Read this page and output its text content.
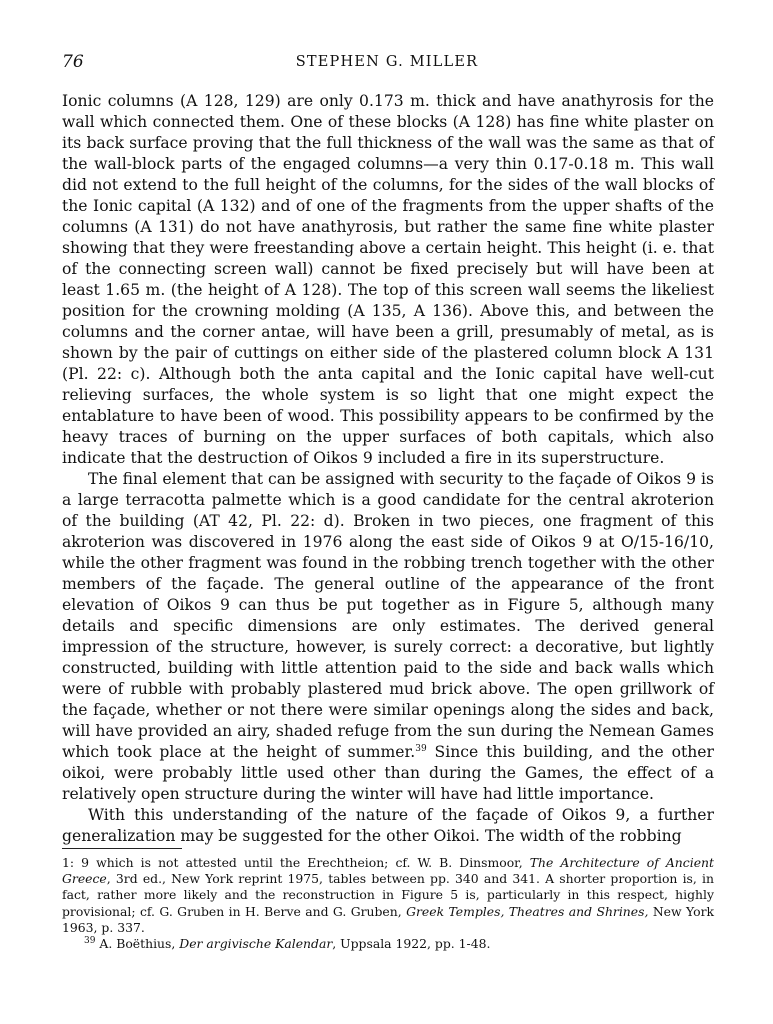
76	STEPHEN G. MILLER

Ionic columns (A 128, 129) are only 0.173 m. thick and have anathyrosis for the wall which connected them. One of these blocks (A 128) has fine white plaster on its back surface proving that the full thickness of the wall was the same as that of the wall-block parts of the engaged columns—a very thin 0.17-0.18 m. This wall did not extend to the full height of the columns, for the sides of the wall blocks of the Ionic capital (A 132) and of one of the fragments from the upper shafts of the columns (A 131) do not have anathyrosis, but rather the same fine white plaster showing that they were freestanding above a certain height. This height (i. e. that of the connecting screen wall) cannot be fixed precisely but will have been at least 1.65 m. (the height of A 128). The top of this screen wall seems the likeliest position for the crowning molding (A 135, A 136). Above this, and between the columns and the corner antae, will have been a grill, presumably of metal, as is shown by the pair of cuttings on either side of the plastered column block A 131 (Pl. 22: c). Although both the anta capital and the Ionic capital have well-cut relieving surfaces, the whole system is so light that one might expect the entablature to have been of wood. This possibility appears to be confirmed by the heavy traces of burning on the upper surfaces of both capitals, which also indicate that the destruction of Oikos 9 included a fire in its superstructure.

The final element that can be assigned with security to the façade of Oikos 9 is a large terracotta palmette which is a good candidate for the central akroterion of the building (AT 42, Pl. 22: d). Broken in two pieces, one fragment of this akroterion was discovered in 1976 along the east side of Oikos 9 at O/15-16/10, while the other fragment was found in the robbing trench together with the other members of the façade. The general outline of the appearance of the front elevation of Oikos 9 can thus be put together as in Figure 5, although many details and specific dimensions are only estimates. The derived general impression of the structure, however, is surely correct: a decorative, but lightly constructed, building with little attention paid to the side and back walls which were of rubble with probably plastered mud brick above. The open grillwork of the façade, whether or not there were similar openings along the sides and back, will have provided an airy, shaded refuge from the sun during the Nemean Games which took place at the height of summer.$^{39}$ Since this building, and the other oikoi, were probably little used other than during the Games, the effect of a relatively open structure during the winter will have had little importance.

With this understanding of the nature of the façade of Oikos 9, a further generalization may be suggested for the other Oikoi. The width of the robbing

1: 9 which is not attested until the Erechtheion; cf. W. B. Dinsmoor, The Architecture of Ancient Greece, 3rd ed., New York reprint 1975, tables between pp. 340 and 341. A shorter proportion is, in fact, rather more likely and the reconstruction in Figure 5 is, particularly in this respect, highly provisional; cf. G. Gruben in H. Berve and G. Gruben, Greek Temples, Theatres and Shrines, New York 1963, p. 337.

$^{39}$ A. Boëthius, Der argivische Kalendar, Uppsala 1922, pp. 1-48.
